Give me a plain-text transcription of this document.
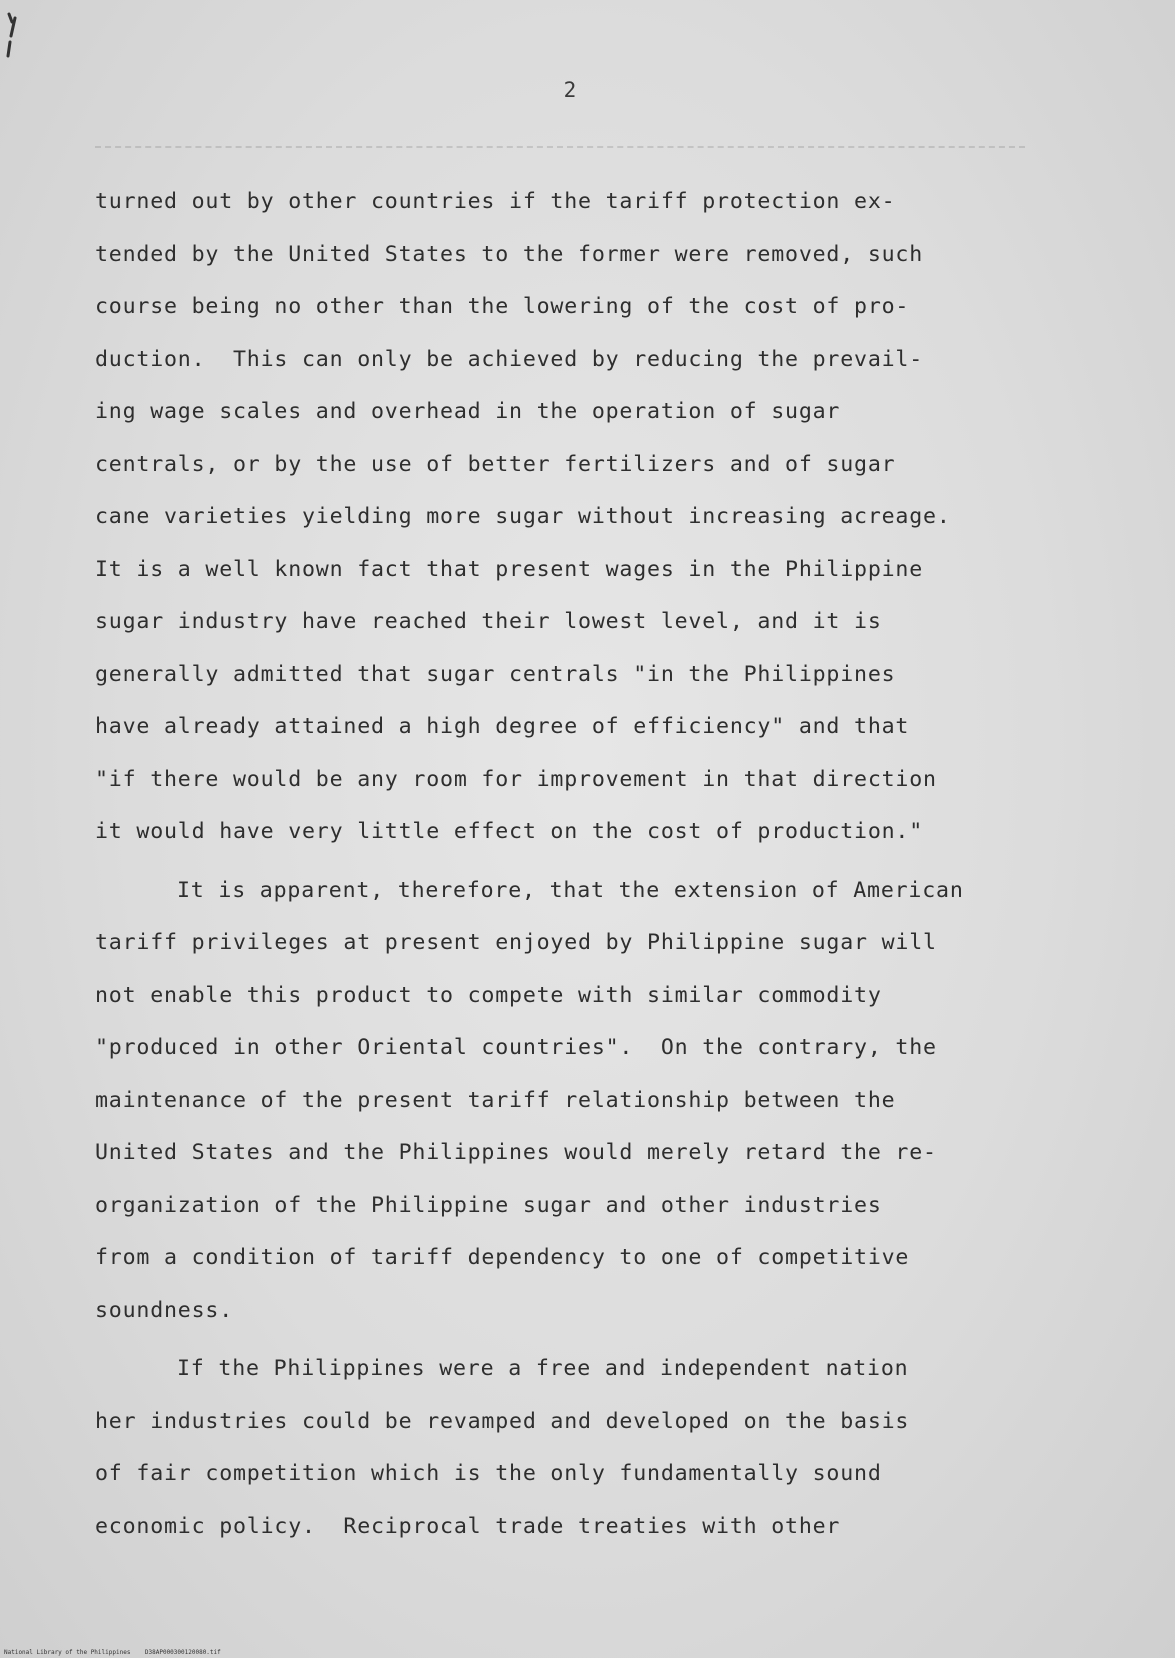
2
turned out by other countries if the tariff protection ex-
tended by the United States to the former were removed, such
course being no other than the lowering of the cost of pro-
duction.  This can only be achieved by reducing the prevail-
ing wage scales and overhead in the operation of sugar
centrals, or by the use of better fertilizers and of sugar
cane varieties yielding more sugar without increasing acreage.
It is a well known fact that present wages in the Philippine
sugar industry have reached their lowest level, and it is
generally admitted that sugar centrals "in the Philippines
have already attained a high degree of efficiency" and that
"if there would be any room for improvement in that direction
it would have very little effect on the cost of production."
It is apparent, therefore, that the extension of American
tariff privileges at present enjoyed by Philippine sugar will
not enable this product to compete with similar commodity
"produced in other Oriental countries".  On the contrary, the
maintenance of the present tariff relationship between the
United States and the Philippines would merely retard the re-
organization of the Philippine sugar and other industries
from a condition of tariff dependency to one of competitive
soundness.
If the Philippines were a free and independent nation
her industries could be revamped and developed on the basis
of fair competition which is the only fundamentally sound
economic policy.  Reciprocal trade treaties with other
National Library of the Philippines D38AP000300120080.tif
